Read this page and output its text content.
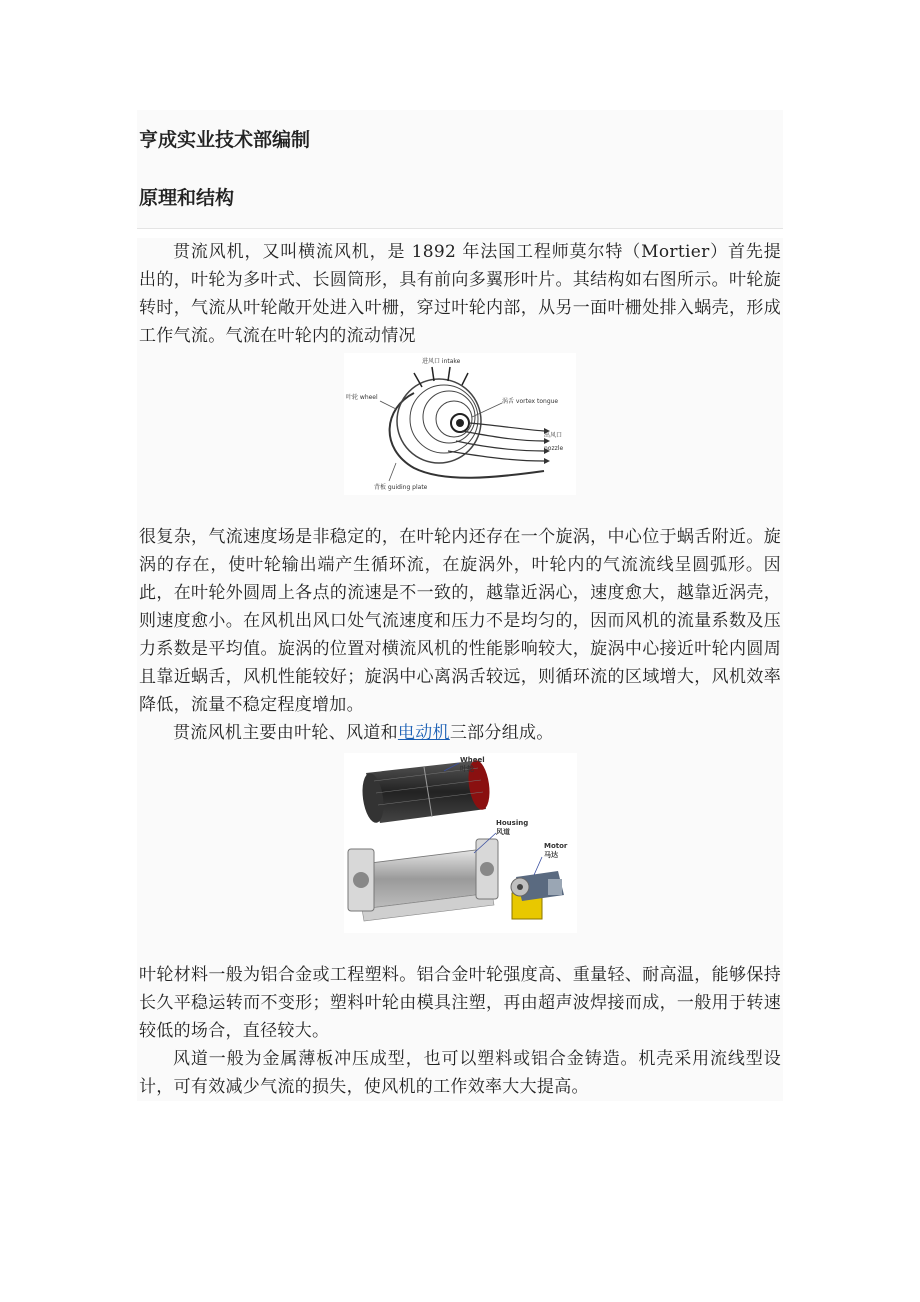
亨成实业技术部编制
原理和结构

贯流风机，又叫横流风机，是 1892 年法国工程师莫尔特（Mortier）首先提出的，叶轮为多叶式、长圆筒形，具有前向多翼形叶片。其结构如右图所示。叶轮旋转时，气流从叶轮敞开处进入叶栅，穿过叶轮内部，从另一面叶栅处排入蜗壳，形成工作气流。气流在叶轮内的流动情况

进风口 intake
叶轮 wheel
涡舌 vortex tongue
出风口
nozzle
背板 guiding plate

很复杂，气流速度场是非稳定的，在叶轮内还存在一个旋涡，中心位于蜗舌附近。旋涡的存在，使叶轮输出端产生循环流，在旋涡外，叶轮内的气流流线呈圆弧形。因此，在叶轮外圆周上各点的流速是不一致的，越靠近涡心，速度愈大，越靠近涡壳，则速度愈小。在风机出风口处气流速度和压力不是均匀的，因而风机的流量系数及压力系数是平均值。旋涡的位置对横流风机的性能影响较大，旋涡中心接近叶轮内圆周且靠近蜗舌，风机性能较好；旋涡中心离涡舌较远，则循环流的区域增大，风机效率降低，流量不稳定程度增加。

贯流风机主要由叶轮、风道和电动机三部分组成。

Wheel
叶轮
Housing
风道
Motor
马达

叶轮材料一般为铝合金或工程塑料。铝合金叶轮强度高、重量轻、耐高温，能够保持长久平稳运转而不变形；塑料叶轮由模具注塑，再由超声波焊接而成，一般用于转速较低的场合，直径较大。

风道一般为金属薄板冲压成型，也可以塑料或铝合金铸造。机壳采用流线型设计，可有效减少气流的损失，使风机的工作效率大大提高。
